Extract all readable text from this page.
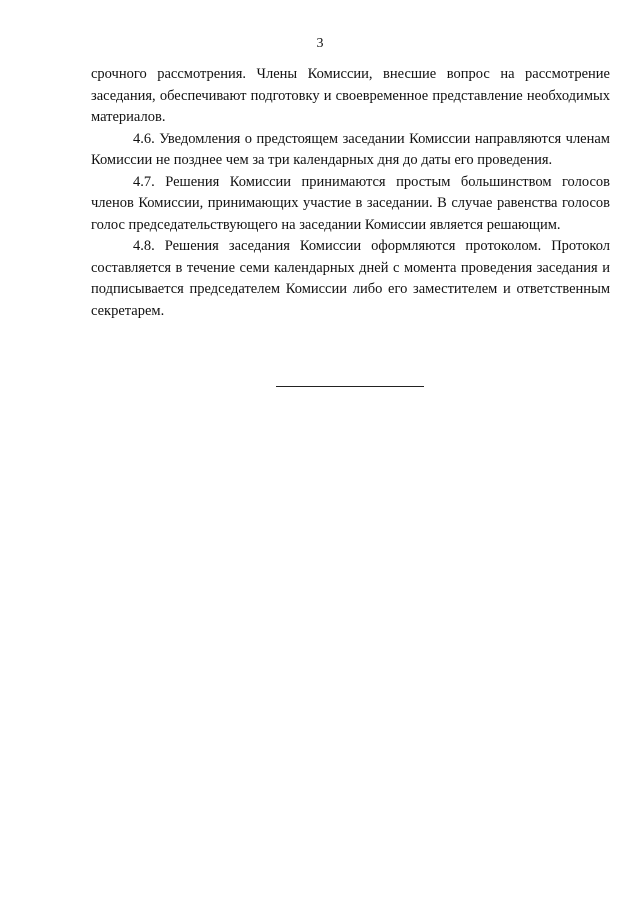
3

срочного рассмотрения. Члены Комиссии, внесшие вопрос на рассмотрение заседания, обеспечивают подготовку и своевременное представление необходимых материалов.

4.6. Уведомления о предстоящем заседании Комиссии направляются членам Комиссии не позднее чем за три календарных дня до даты его проведения.

4.7. Решения Комиссии принимаются простым большинством голосов членов Комиссии, принимающих участие в заседании. В случае равенства голосов голос председательствующего на заседании Комиссии является решающим.

4.8. Решения заседания Комиссии оформляются протоколом. Протокол составляется в течение семи календарных дней с момента проведения заседания и подписывается председателем Комиссии либо его заместителем и ответственным секретарем.
